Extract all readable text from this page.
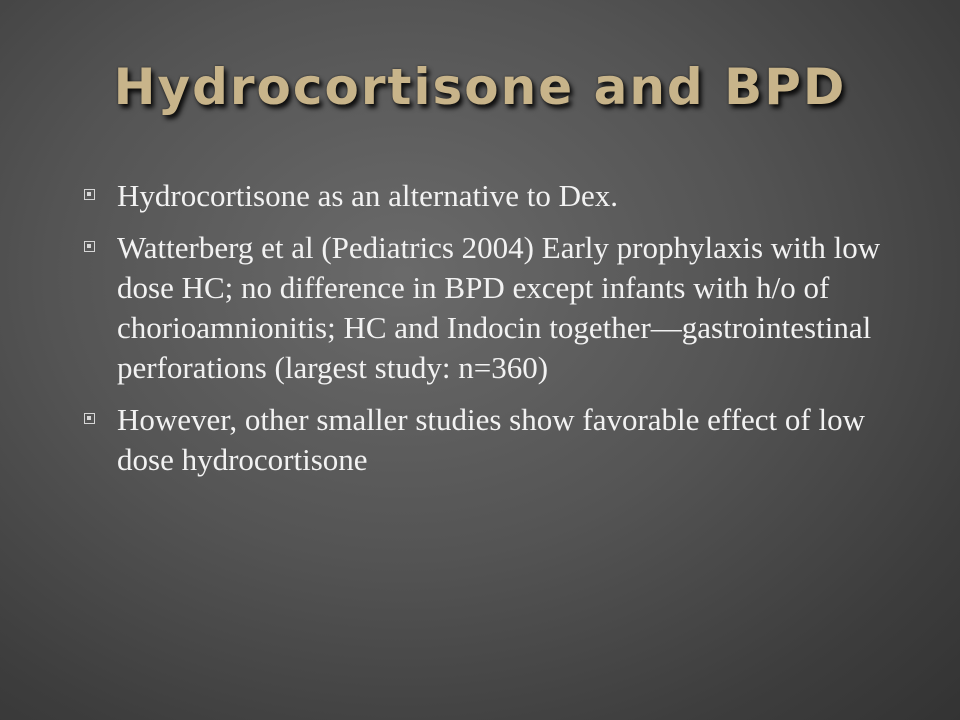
Hydrocortisone and BPD
Hydrocortisone as an alternative to Dex.
Watterberg et al (Pediatrics 2004) Early prophylaxis with low dose HC; no difference in BPD except infants with h/o of chorioamnionitis; HC and Indocin together—gastrointestinal perforations (largest study: n=360)
However, other smaller studies show favorable effect of low dose hydrocortisone
